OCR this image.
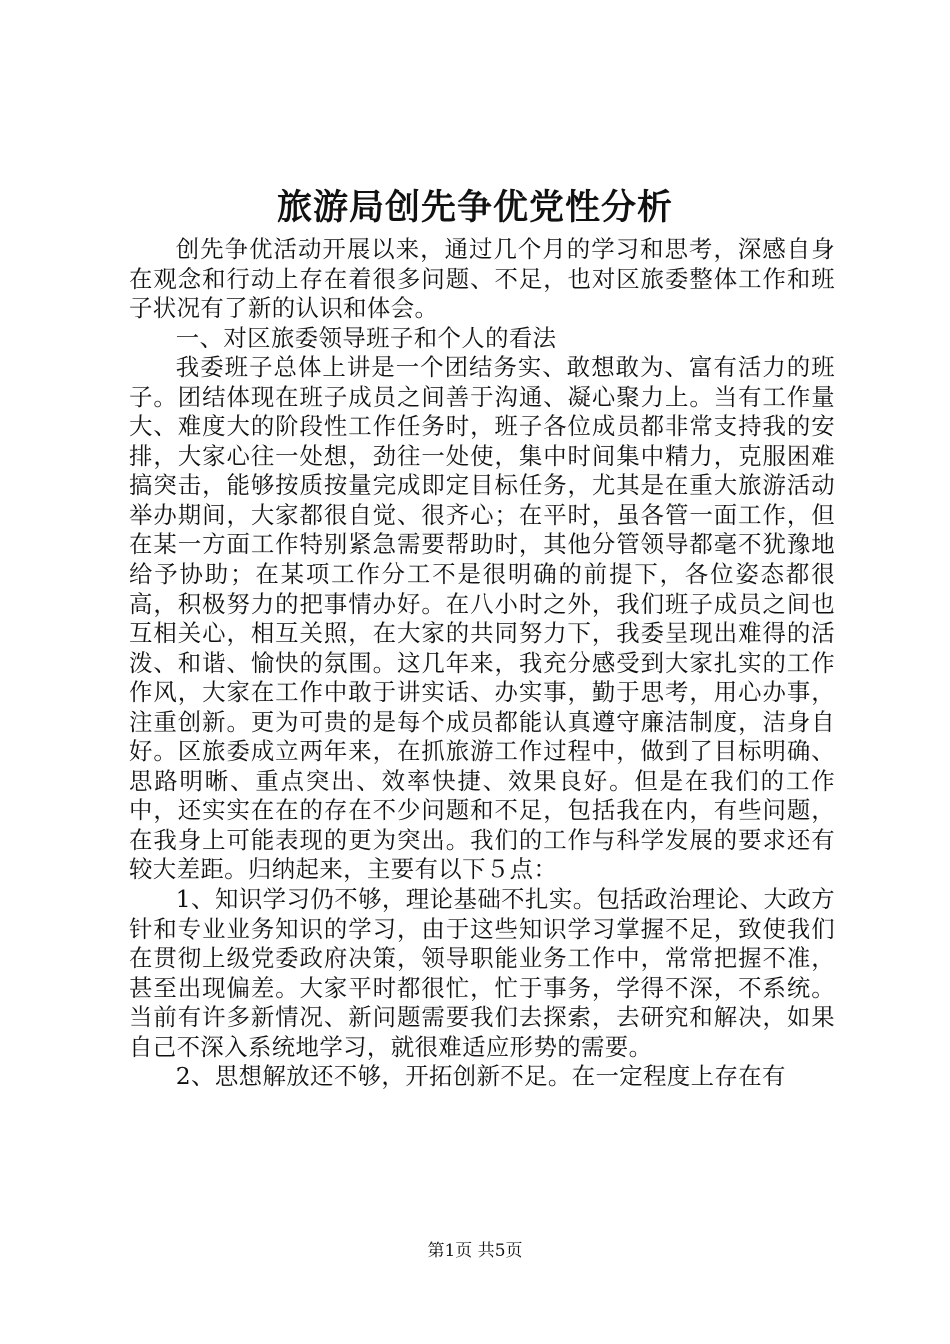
旅游局创先争优党性分析

创先争优活动开展以来，通过几个月的学习和思考，深感自身在观念和行动上存在着很多问题、不足，也对区旅委整体工作和班子状况有了新的认识和体会。

一、对区旅委领导班子和个人的看法

我委班子总体上讲是一个团结务实、敢想敢为、富有活力的班子。团结体现在班子成员之间善于沟通、凝心聚力上。当有工作量大、难度大的阶段性工作任务时，班子各位成员都非常支持我的安排，大家心往一处想，劲往一处使，集中时间集中精力，克服困难搞突击，能够按质按量完成即定目标任务，尤其是在重大旅游活动举办期间，大家都很自觉、很齐心；在平时，虽各管一面工作，但在某一方面工作特别紧急需要帮助时，其他分管领导都毫不犹豫地给予协助；在某项工作分工不是很明确的前提下，各位姿态都很高，积极努力的把事情办好。在八小时之外，我们班子成员之间也互相关心，相互关照，在大家的共同努力下，我委呈现出难得的活泼、和谐、愉快的氛围。这几年来，我充分感受到大家扎实的工作作风，大家在工作中敢于讲实话、办实事，勤于思考，用心办事，注重创新。更为可贵的是每个成员都能认真遵守廉洁制度，洁身自好。区旅委成立两年来，在抓旅游工作过程中，做到了目标明确、思路明晰、重点突出、效率快捷、效果良好。但是在我们的工作中，还实实在在的存在不少问题和不足，包括我在内，有些问题，在我身上可能表现的更为突出。我们的工作与科学发展的要求还有较大差距。归纳起来，主要有以下５点：

1、知识学习仍不够，理论基础不扎实。包括政治理论、大政方针和专业业务知识的学习，由于这些知识学习掌握不足，致使我们在贯彻上级党委政府决策，领导职能业务工作中，常常把握不准，甚至出现偏差。大家平时都很忙，忙于事务，学得不深，不系统。当前有许多新情况、新问题需要我们去探索，去研究和解决，如果自己不深入系统地学习，就很难适应形势的需要。

2、思想解放还不够，开拓创新不足。在一定程度上存在有

第1页 共5页
